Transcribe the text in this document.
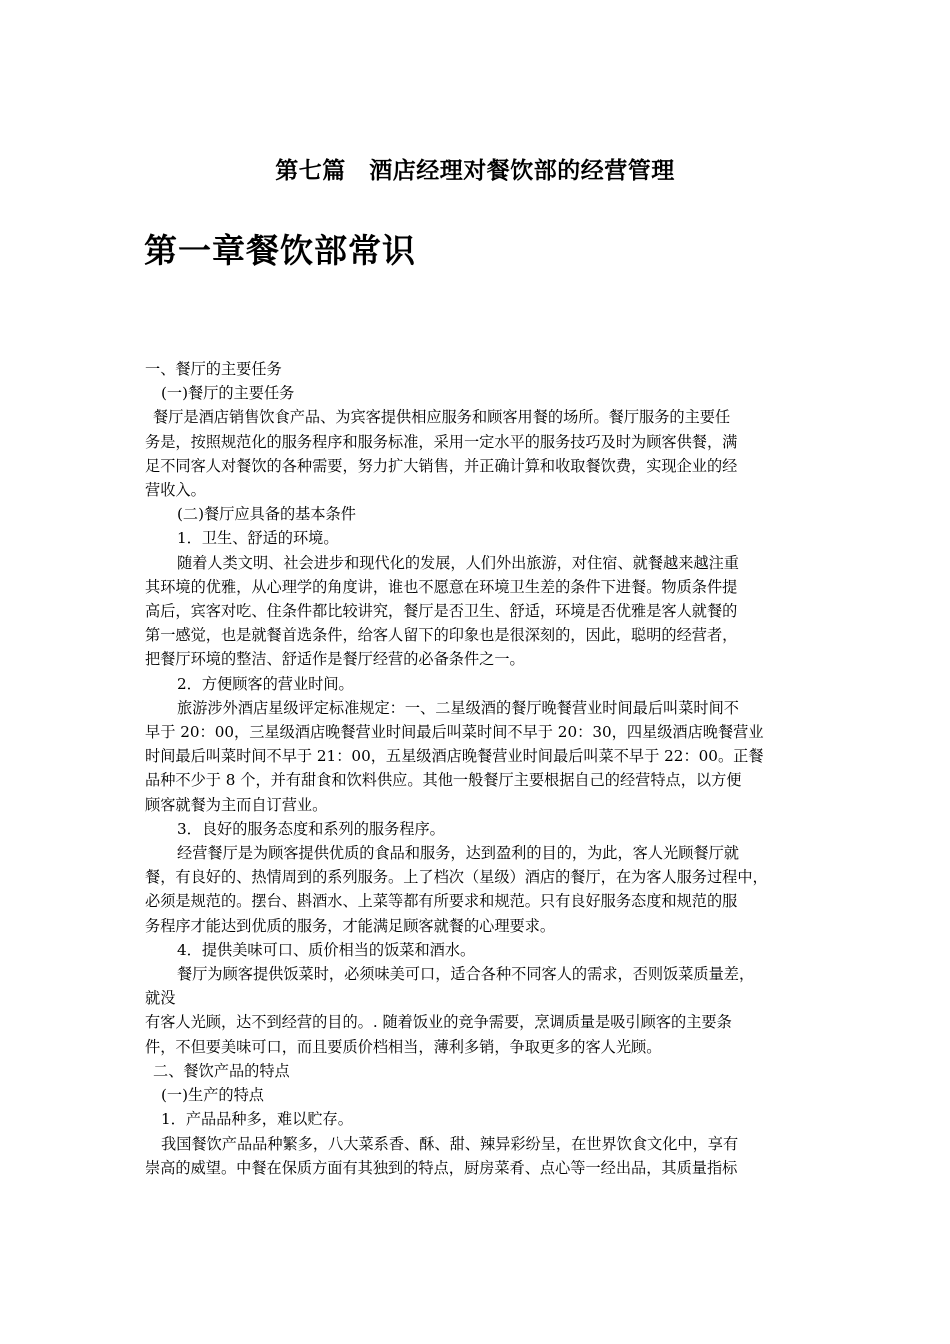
第七篇　酒店经理对餐饮部的经营管理
第一章餐饮部常识

一、餐厅的主要任务

(一)餐厅的主要任务

餐厅是酒店销售饮食产品、为宾客提供相应服务和顾客用餐的场所。餐厅服务的主要任

务是，按照规范化的服务程序和服务标准，采用一定水平的服务技巧及时为顾客供餐，满

足不同客人对餐饮的各种需要，努力扩大销售，并正确计算和收取餐饮费，实现企业的经

营收入。

(二)餐厅应具备的基本条件

1．卫生、舒适的环境。

随着人类文明、社会进步和现代化的发展，人们外出旅游，对住宿、就餐越来越注重

其环境的优雅，从心理学的角度讲，谁也不愿意在环境卫生差的条件下进餐。物质条件提

高后，宾客对吃、住条件都比较讲究，餐厅是否卫生、舒适，环境是否优雅是客人就餐的

第一感觉，也是就餐首选条件，给客人留下的印象也是很深刻的，因此，聪明的经营者，

把餐厅环境的整洁、舒适作是餐厅经营的必备条件之一。

2．方便顾客的营业时间。

旅游涉外酒店星级评定标准规定：一、二星级酒的餐厅晚餐营业时间最后叫菜时间不

早于 20：00，三星级酒店晚餐营业时间最后叫菜时间不早于 20：30，四星级酒店晚餐营业

时间最后叫菜时间不早于 21：00，五星级酒店晚餐营业时间最后叫菜不早于 22：00。正餐

品种不少于 8 个，并有甜食和饮料供应。其他一般餐厅主要根据自己的经营特点，以方便

顾客就餐为主而自订营业。

3．良好的服务态度和系列的服务程序。

经营餐厅是为顾客提供优质的食品和服务，达到盈利的目的，为此，客人光顾餐厅就

餐，有良好的、热情周到的系列服务。上了档次（星级）酒店的餐厅，在为客人服务过程中，

必须是规范的。摆台、斟酒水、上菜等都有所要求和规范。只有良好服务态度和规范的服

务程序才能达到优质的服务，才能满足顾客就餐的心理要求。

4．提供美味可口、质价相当的饭菜和酒水。

餐厅为顾客提供饭菜时，必须味美可口，适合各种不同客人的需求，否则饭菜质量差，

就没

有客人光顾，达不到经营的目的。. 随着饭业的竞争需要，烹调质量是吸引顾客的主要条

件，不但要美味可口，而且要质价档相当，薄利多销，争取更多的客人光顾。

二、餐饮产品的特点

(一)生产的特点

1．产品品种多，难以贮存。

我国餐饮产品品种繁多，八大菜系香、酥、甜、辣异彩纷呈，在世界饮食文化中，享有

崇高的威望。中餐在保质方面有其独到的特点，厨房菜肴、点心等一经出品，其质量指标
